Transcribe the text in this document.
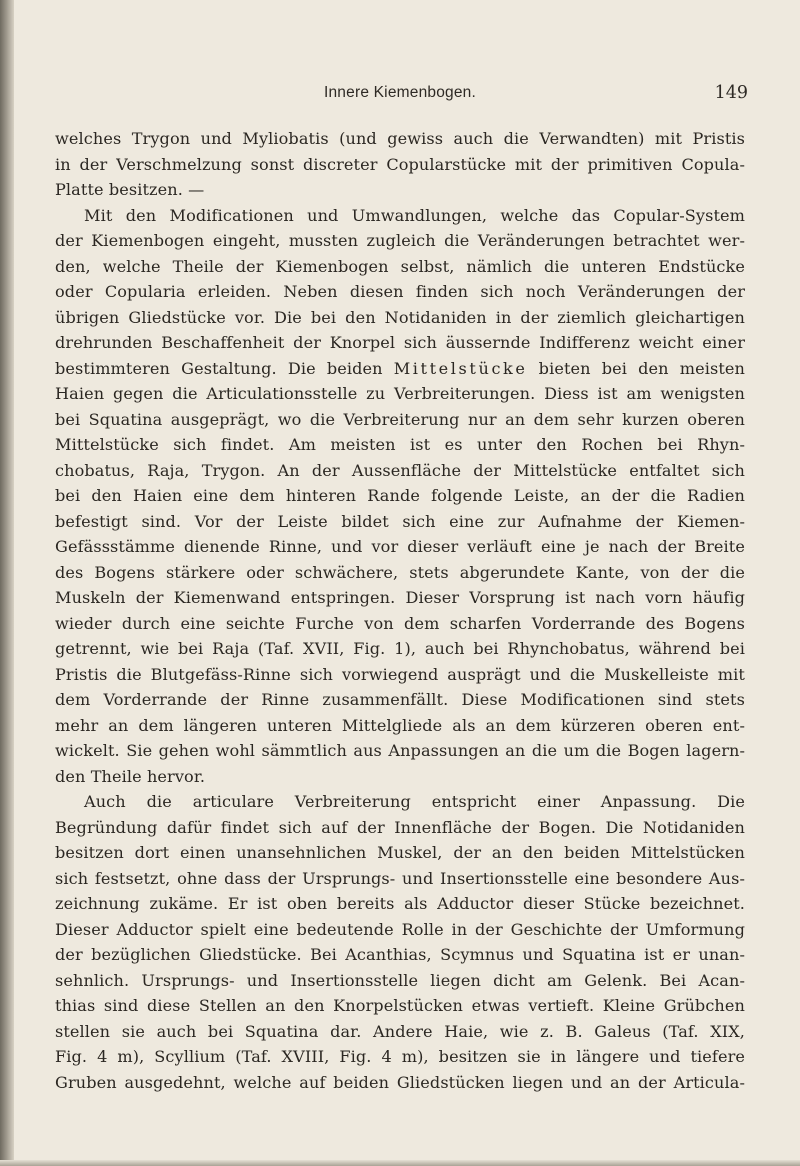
Innere Kiemenbogen.	149
welches Trygon und Myliobatis (und gewiss auch die Verwandten) mit Pristis
in der Verschmelzung sonst discreter Copularstücke mit der primitiven Copula-
Platte besitzen. —
Mit den Modificationen und Umwandlungen, welche das Copular-System
der Kiemenbogen eingeht, mussten zugleich die Veränderungen betrachtet wer-
den, welche Theile der Kiemenbogen selbst, nämlich die unteren Endstücke
oder Copularia erleiden. Neben diesen finden sich noch Veränderungen der
übrigen Gliedstücke vor. Die bei den Notidaniden in der ziemlich gleichartigen
drehrunden Beschaffenheit der Knorpel sich äussernde Indifferenz weicht einer
bestimmteren Gestaltung. Die beiden Mittelstücke bieten bei den meisten
Haien gegen die Articulationsstelle zu Verbreiterungen. Diess ist am wenigsten
bei Squatina ausgeprägt, wo die Verbreiterung nur an dem sehr kurzen oberen
Mittelstücke sich findet. Am meisten ist es unter den Rochen bei Rhyn-
chobatus, Raja, Trygon. An der Aussenfläche der Mittelstücke entfaltet sich
bei den Haien eine dem hinteren Rande folgende Leiste, an der die Radien
befestigt sind. Vor der Leiste bildet sich eine zur Aufnahme der Kiemen-
Gefässstämme dienende Rinne, und vor dieser verläuft eine je nach der Breite
des Bogens stärkere oder schwächere, stets abgerundete Kante, von der die
Muskeln der Kiemenwand entspringen. Dieser Vorsprung ist nach vorn häufig
wieder durch eine seichte Furche von dem scharfen Vorderrande des Bogens
getrennt, wie bei Raja (Taf. XVII, Fig. 1), auch bei Rhynchobatus, während bei
Pristis die Blutgefäss-Rinne sich vorwiegend ausprägt und die Muskelleiste mit
dem Vorderrande der Rinne zusammenfällt. Diese Modificationen sind stets
mehr an dem längeren unteren Mittelgliede als an dem kürzeren oberen ent-
wickelt. Sie gehen wohl sämmtlich aus Anpassungen an die um die Bogen lagern-
den Theile hervor.
Auch die articulare Verbreiterung entspricht einer Anpassung. Die
Begründung dafür findet sich auf der Innenfläche der Bogen. Die Notidaniden
besitzen dort einen unansehnlichen Muskel, der an den beiden Mittelstücken
sich festsetzt, ohne dass der Ursprungs- und Insertionsstelle eine besondere Aus-
zeichnung zukäme. Er ist oben bereits als Adductor dieser Stücke bezeichnet.
Dieser Adductor spielt eine bedeutende Rolle in der Geschichte der Umformung
der bezüglichen Gliedstücke. Bei Acanthias, Scymnus und Squatina ist er unan-
sehnlich. Ursprungs- und Insertionsstelle liegen dicht am Gelenk. Bei Acan-
thias sind diese Stellen an den Knorpelstücken etwas vertieft. Kleine Grübchen
stellen sie auch bei Squatina dar. Andere Haie, wie z. B. Galeus (Taf. XIX,
Fig. 4 m), Scyllium (Taf. XVIII, Fig. 4 m), besitzen sie in längere und tiefere
Gruben ausgedehnt, welche auf beiden Gliedstücken liegen und an der Articula-
